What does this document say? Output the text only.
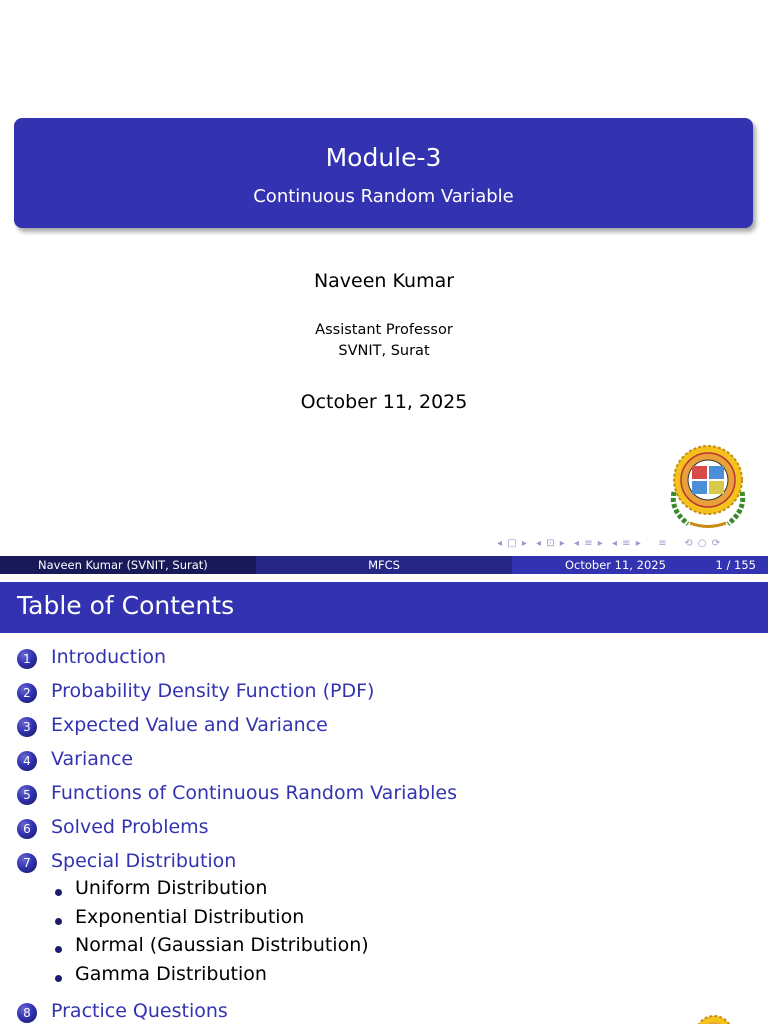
Module-3
Continuous Random Variable
Naveen Kumar
Assistant Professor
SVNIT, Surat
October 11, 2025
◂ □ ▸ ◂ ⊡ ▸ ◂ ≡ ▸ ◂ ≡ ▸   ≡   ⟲ ○ ⟳
Naveen Kumar (SVNIT, Surat)	MFCS	October 11, 2025	1 / 155
Table of Contents
1	Introduction
2	Probability Density Function (PDF)
3	Expected Value and Variance
4	Variance
5	Functions of Continuous Random Variables
6	Solved Problems
7	Special Distribution
Uniform Distribution
Exponential Distribution
Normal (Gaussian Distribution)
Gamma Distribution
8	Practice Questions
